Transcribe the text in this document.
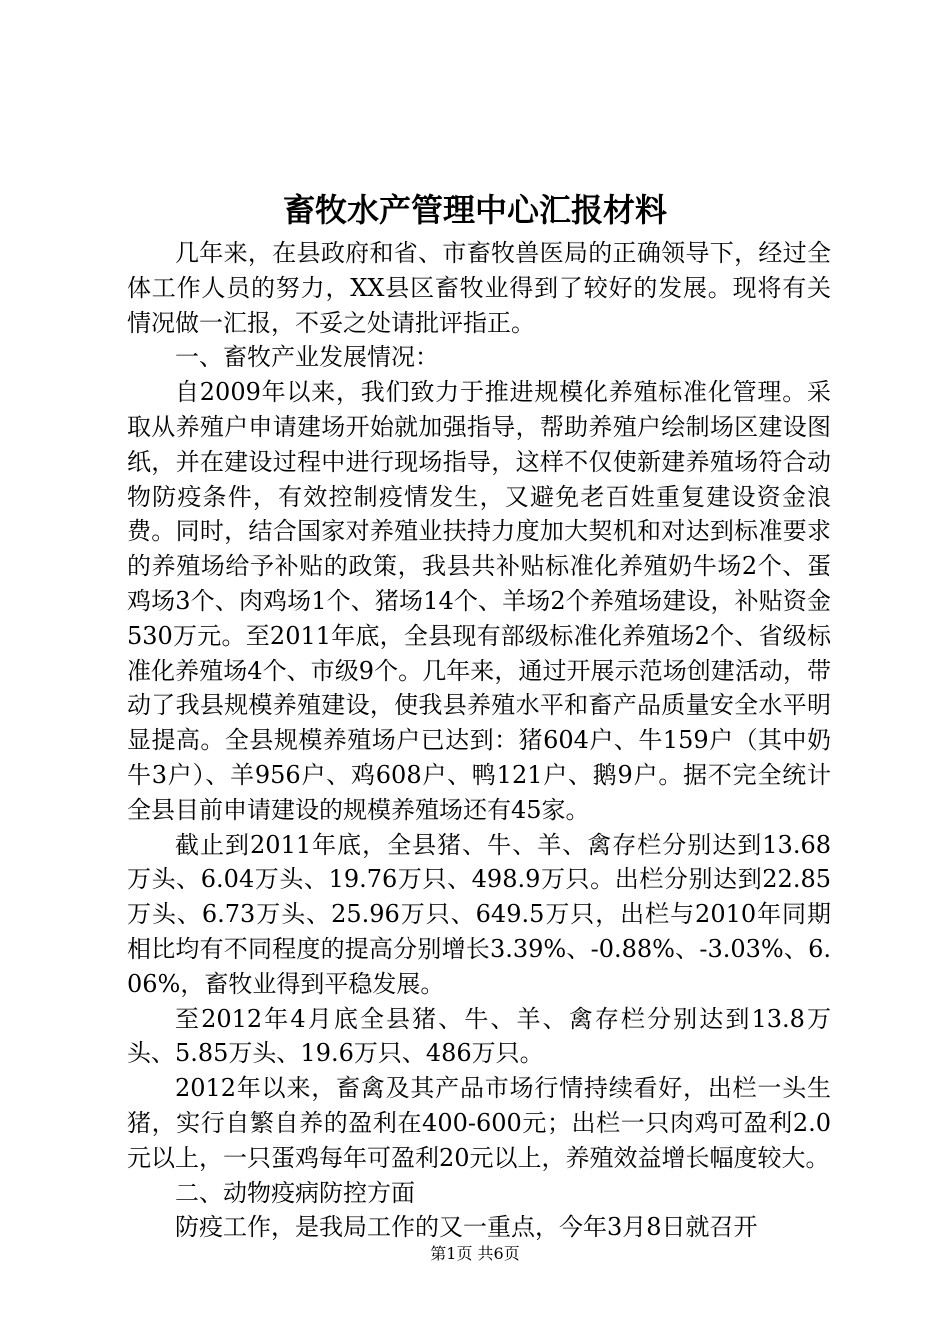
畜牧水产管理中心汇报材料

几年来，在县政府和省、市畜牧兽医局的正确领导下，经过全体工作人员的努力，XX县区畜牧业得到了较好的发展。现将有关情况做一汇报，不妥之处请批评指正。

一、畜牧产业发展情况：

自2009年以来，我们致力于推进规模化养殖标准化管理。采取从养殖户申请建场开始就加强指导，帮助养殖户绘制场区建设图纸，并在建设过程中进行现场指导，这样不仅使新建养殖场符合动物防疫条件，有效控制疫情发生，又避免老百姓重复建设资金浪费。同时，结合国家对养殖业扶持力度加大契机和对达到标准要求的养殖场给予补贴的政策，我县共补贴标准化养殖奶牛场2个、蛋鸡场3个、肉鸡场1个、猪场14个、羊场2个养殖场建设，补贴资金530万元。至2011年底，全县现有部级标准化养殖场2个、省级标准化养殖场4个、市级9个。几年来，通过开展示范场创建活动，带动了我县规模养殖建设，使我县养殖水平和畜产品质量安全水平明显提高。全县规模养殖场户已达到：猪604户、牛159户（其中奶牛3户）、羊956户、鸡608户、鸭121户、鹅9户。据不完全统计全县目前申请建设的规模养殖场还有45家。

截止到2011年底，全县猪、牛、羊、禽存栏分别达到13.68万头、6.04万头、19.76万只、498.9万只。出栏分别达到22.85万头、6.73万头、25.96万只、649.5万只，出栏与2010年同期相比均有不同程度的提高分别增长3.39%、-0.88%、-3.03%、6.06%，畜牧业得到平稳发展。

至2012年4月底全县猪、牛、羊、禽存栏分别达到13.8万头、5.85万头、19.6万只、486万只。

2012年以来，畜禽及其产品市场行情持续看好，出栏一头生猪，实行自繁自养的盈利在400-600元；出栏一只肉鸡可盈利2.0元以上，一只蛋鸡每年可盈利20元以上，养殖效益增长幅度较大。

二、动物疫病防控方面

防疫工作，是我局工作的又一重点，今年3月8日就召开

第1页 共6页
